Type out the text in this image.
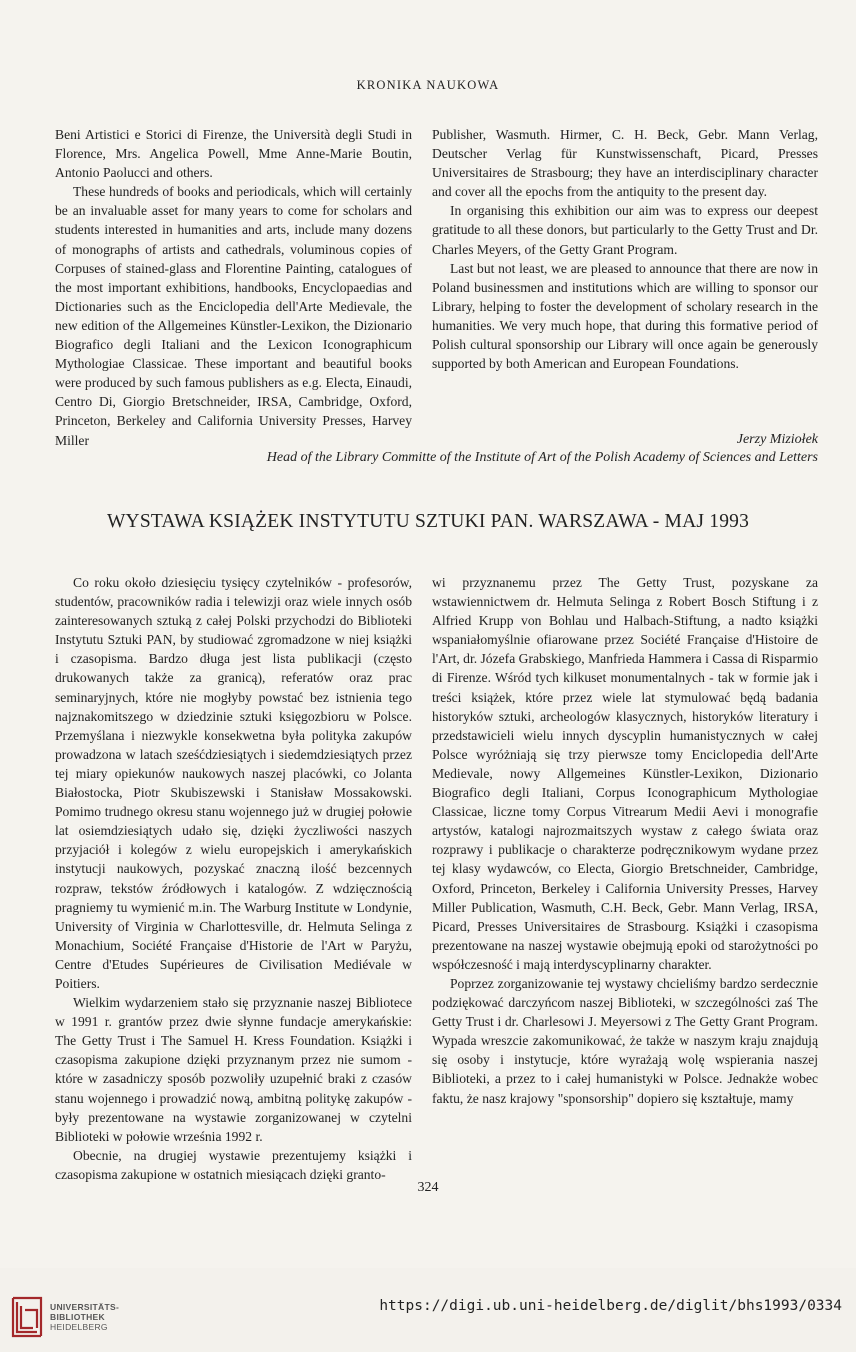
KRONIKA NAUKOWA

Beni Artistici e Storici di Firenze, the Università degli Studi in Florence, Mrs. Angelica Powell, Mme Anne-Marie Boutin, Antonio Paolucci and others.

These hundreds of books and periodicals, which will certainly be an invaluable asset for many years to come for scholars and students interested in humanities and arts, include many dozens of monographs of artists and cathedrals, voluminous copies of Corpuses of stained-glass and Florentine Painting, catalogues of the most important exhibitions, handbooks, Encyclopaedias and Dictionaries such as the Enciclopedia dell'Arte Medievale, the new edition of the Allgemeines Künstler-Lexikon, the Dizionario Biografico degli Italiani and the Lexicon Iconographicum Mythologiae Classicae. These important and beautiful books were produced by such famous publishers as e.g. Electa, Einaudi, Centro Di, Giorgio Bretschneider, IRSA, Cambridge, Oxford, Princeton, Berkeley and California University Presses, Harvey Miller

Publisher, Wasmuth. Hirmer, C. H. Beck, Gebr. Mann Verlag, Deutscher Verlag für Kunstwissenschaft, Picard, Presses Universitaires de Strasbourg; they have an interdisciplinary character and cover all the epochs from the antiquity to the present day.

In organising this exhibition our aim was to express our deepest gratitude to all these donors, but particularly to the Getty Trust and Dr. Charles Meyers, of the Getty Grant Program.

Last but not least, we are pleased to announce that there are now in Poland businessmen and institutions which are willing to sponsor our Library, helping to foster the development of scholary research in the humanities. We very much hope, that during this formative period of Polish cultural sponsorship our Library will once again be generously supported by both American and European Foundations.

Jerzy Miziołek
Head of the Library Committe of the Institute of Art of the Polish Academy of Sciences and Letters
WYSTAWA KSIĄŻEK INSTYTUTU SZTUKI PAN. WARSZAWA - MAJ 1993

Co roku około dziesięciu tysięcy czytelników - profesorów, studentów, pracowników radia i telewizji oraz wiele innych osób zainteresowanych sztuką z całej Polski przychodzi do Biblioteki Instytutu Sztuki PAN, by studiować zgromadzone w niej książki i czasopisma. Bardzo długa jest lista publikacji (często drukowanych także za granicą), referatów oraz prac seminaryjnych, które nie mogłyby powstać bez istnienia tego najznakomitszego w dziedzinie sztuki księgozbioru w Polsce. Przemyślana i niezwykle konsekwetna była polityka zakupów prowadzona w latach sześćdziesiątych i siedemdziesiątych przez tej miary opiekunów naukowych naszej placówki, co Jolanta Białostocka, Piotr Skubiszewski i Stanisław Mossakowski. Pomimo trudnego okresu stanu wojennego już w drugiej połowie lat osiemdziesiątych udało się, dzięki życzliwości naszych przyjaciół i kolegów z wielu europejskich i amerykańskich instytucji naukowych, pozyskać znaczną ilość bezcennych rozpraw, tekstów źródłowych i katalogów. Z wdzięcznością pragniemy tu wymienić m.in. The Warburg Institute w Londynie, University of Virginia w Charlottesville, dr. Helmuta Selinga z Monachium, Société Française d'Historie de l'Art w Paryżu, Centre d'Etudes Supérieures de Civilisation Mediévale w Poitiers.

Wielkim wydarzeniem stało się przyznanie naszej Bibliotece w 1991 r. grantów przez dwie słynne fundacje amerykańskie: The Getty Trust i The Samuel H. Kress Foundation. Książki i czasopisma zakupione dzięki przyznanym przez nie sumom - które w zasadniczy sposób pozwoliły uzupełnić braki z czasów stanu wojennego i prowadzić nową, ambitną politykę zakupów - były prezentowane na wystawie zorganizowanej w czytelni Biblioteki w połowie września 1992 r.

Obecnie, na drugiej wystawie prezentujemy książki i czasopisma zakupione w ostatnich miesiącach dzięki granto-

wi przyznanemu przez The Getty Trust, pozyskane za wstawiennictwem dr. Helmuta Selinga z Robert Bosch Stiftung i z Alfried Krupp von Bohlau und Halbach-Stiftung, a nadto książki wspaniałomyślnie ofiarowane przez Société Française d'Histoire de l'Art, dr. Józefa Grabskiego, Manfrieda Hammera i Cassa di Risparmio di Firenze. Wśród tych kilkuset monumentalnych - tak w formie jak i treści książek, które przez wiele lat stymulować będą badania historyków sztuki, archeologów klasycznych, historyków literatury i przedstawicieli wielu innych dyscyplin humanistycznych w całej Polsce wyróżniają się trzy pierwsze tomy Enciclopedia dell'Arte Medievale, nowy Allgemeines Künstler-Lexikon, Dizionario Biografico degli Italiani, Corpus Iconographicum Mythologiae Classicae, liczne tomy Corpus Vitrearum Medii Aevi i monografie artystów, katalogi najrozmaitszych wystaw z całego świata oraz rozprawy i publikacje o charakterze podręcznikowym wydane przez tej klasy wydawców, co Electa, Giorgio Bretschneider, Cambridge, Oxford, Princeton, Berkeley i California University Presses, Harvey Miller Publication, Wasmuth, C.H. Beck, Gebr. Mann Verlag, IRSA, Picard, Presses Universitaires de Strasbourg. Książki i czasopisma prezentowane na naszej wystawie obejmują epoki od starożytności po współczesność i mają interdyscyplinarny charakter.

Poprzez zorganizowanie tej wystawy chcieliśmy bardzo serdecznie podziękować darczyńcom naszej Biblioteki, w szczególności zaś The Getty Trust i dr. Charlesowi J. Meyersowi z The Getty Grant Program. Wypada wreszcie zakomunikować, że także w naszym kraju znajdują się osoby i instytucje, które wyrażają wolę wspierania naszej Biblioteki, a przez to i całej humanistyki w Polsce. Jednakże wobec faktu, że nasz krajowy "sponsorship" dopiero się kształtuje, mamy

324
UNIVERSITÄTS-
BIBLIOTHEK
HEIDELBERG
https://digi.ub.uni-heidelberg.de/diglit/bhs1993/0334
